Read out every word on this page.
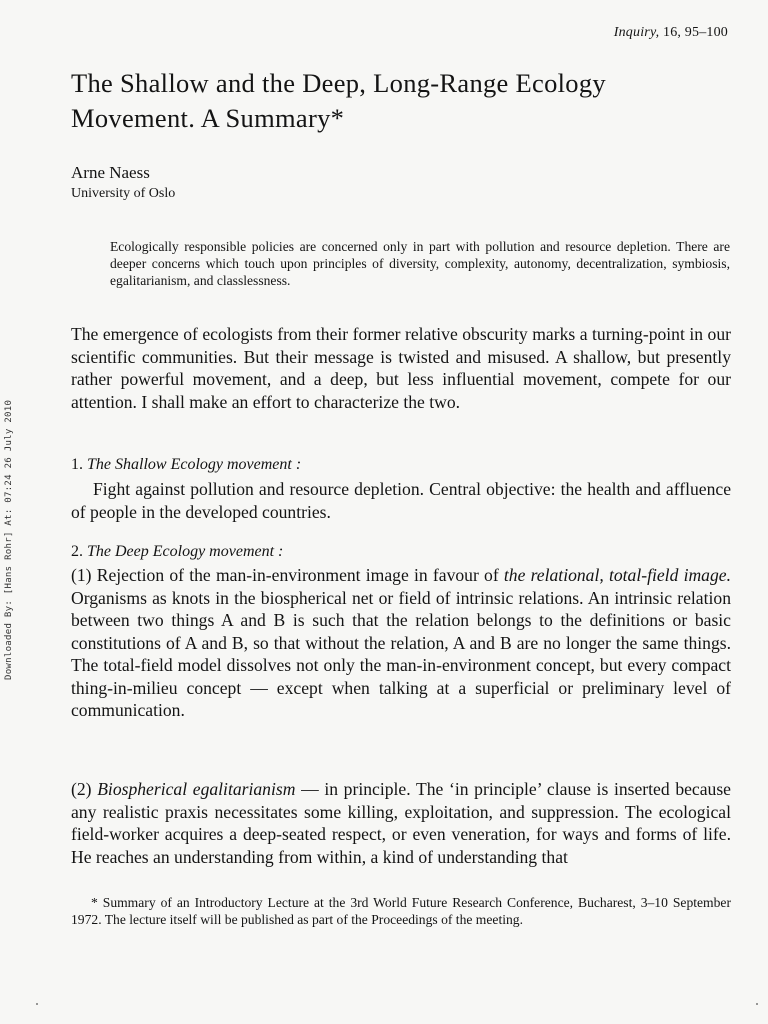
Inquiry, 16, 95–100
Downloaded By: [Hans Rohr] At: 07:24 26 July 2010
The Shallow and the Deep, Long-Range Ecology Movement. A Summary*
Arne Naess
University of Oslo
Ecologically responsible policies are concerned only in part with pollution and resource depletion. There are deeper concerns which touch upon principles of diversity, complexity, autonomy, decentralization, symbiosis, egalitarianism, and classlessness.

The emergence of ecologists from their former relative obscurity marks a turning-point in our scientific communities. But their message is twisted and misused. A shallow, but presently rather powerful movement, and a deep, but less influential movement, compete for our attention. I shall make an effort to characterize the two.

1. The Shallow Ecology movement :

Fight against pollution and resource depletion. Central objective: the health and affluence of people in the developed countries.

2. The Deep Ecology movement :

(1) Rejection of the man-in-environment image in favour of the relational, total-field image. Organisms as knots in the biospherical net or field of intrinsic relations. An intrinsic relation between two things A and B is such that the relation belongs to the definitions or basic constitutions of A and B, so that without the relation, A and B are no longer the same things. The total-field model dissolves not only the man-in-environment concept, but every compact thing-in-milieu concept — except when talking at a superficial or preliminary level of communication.

(2) Biospherical egalitarianism — in principle. The ‘in principle’ clause is inserted because any realistic praxis necessitates some killing, exploitation, and suppression. The ecological field-worker acquires a deep-seated respect, or even veneration, for ways and forms of life. He reaches an understanding from within, a kind of understanding that

* Summary of an Introductory Lecture at the 3rd World Future Research Conference, Bucharest, 3–10 September 1972. The lecture itself will be published as part of the Proceedings of the meeting.
